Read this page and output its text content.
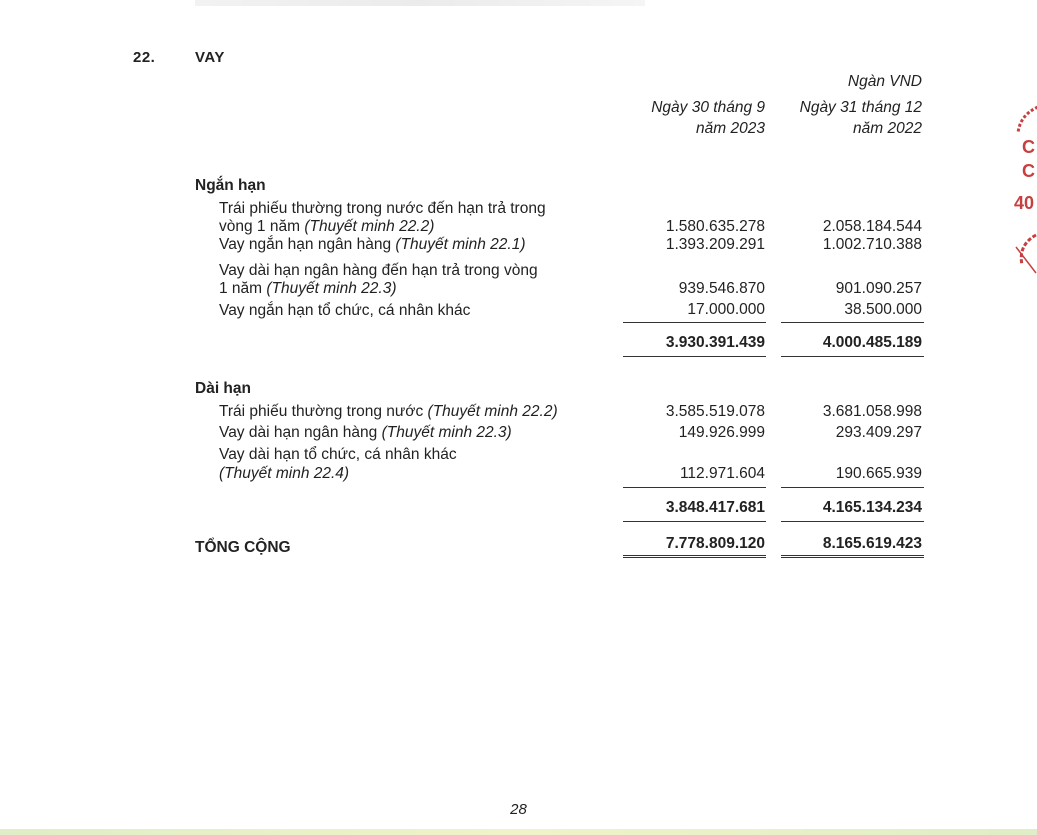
22.	VAY
Ngàn VND
Ngày 30 tháng 9
năm 2023
Ngày 31 tháng 12
năm 2022
Ngắn hạn
Trái phiếu thường trong nước đến hạn trả trong
vòng 1 năm (Thuyết minh 22.2)	1.580.635.278	2.058.184.544
Vay ngắn hạn ngân hàng (Thuyết minh 22.1)	1.393.209.291	1.002.710.388
Vay dài hạn ngân hàng đến hạn trả trong vòng
1 năm (Thuyết minh 22.3)	939.546.870	901.090.257
Vay ngắn hạn tổ chức, cá nhân khác	17.000.000	38.500.000
3.930.391.439	4.000.485.189
Dài hạn
Trái phiếu thường trong nước (Thuyết minh 22.2)	3.585.519.078	3.681.058.998
Vay dài hạn ngân hàng (Thuyết minh 22.3)	149.926.999	293.409.297
Vay dài hạn tổ chức, cá nhân khác
(Thuyết minh 22.4)	112.971.604	190.665.939
3.848.417.681	4.165.134.234
TỔNG CỘNG	7.778.809.120	8.165.619.423
C
C
40
28
